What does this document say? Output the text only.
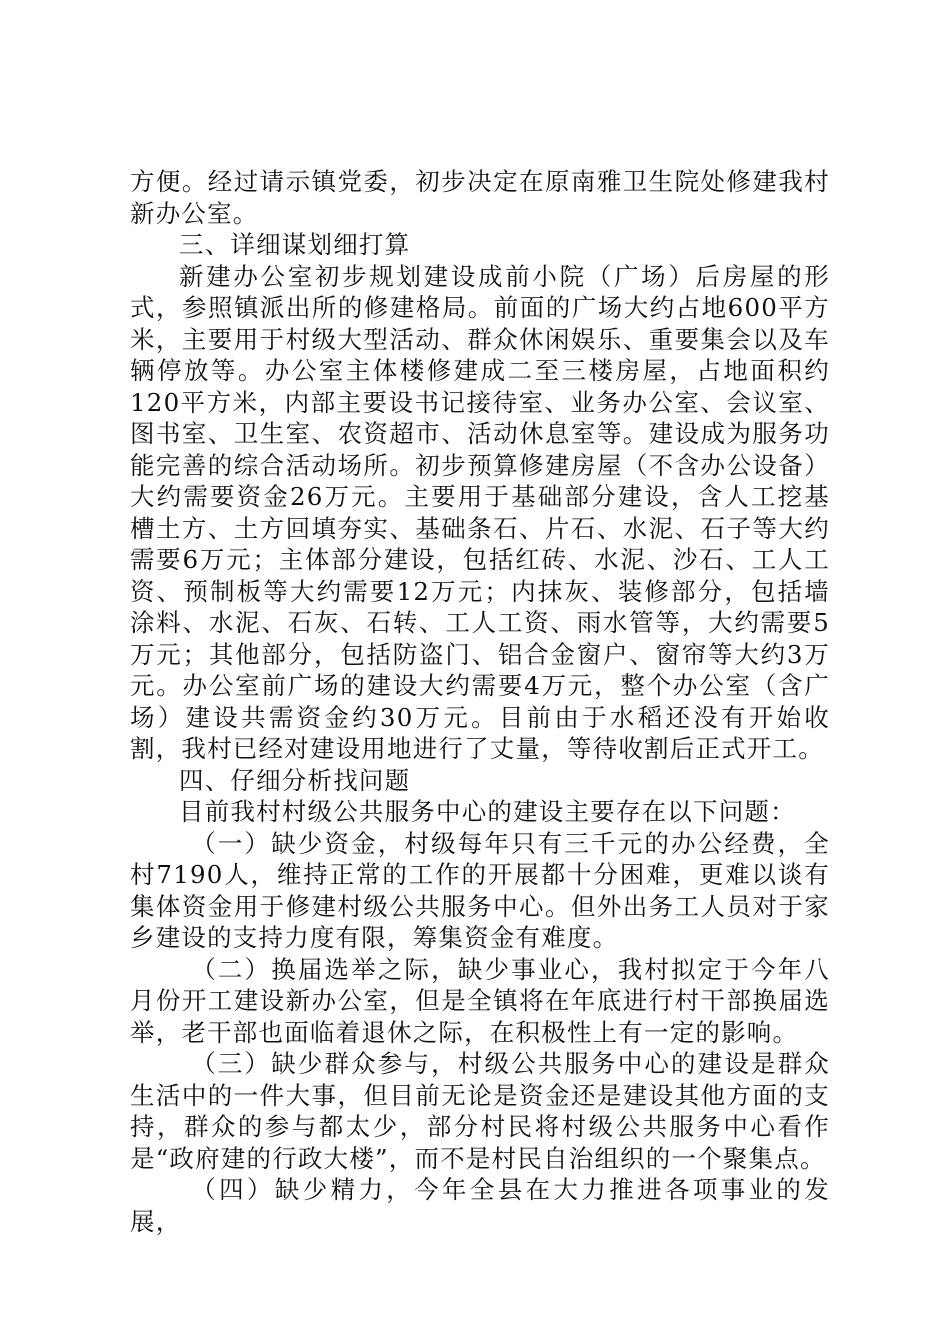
方便。经过请示镇党委，初步决定在原南雅卫生院处修建我村新办公室。

三、详细谋划细打算

新建办公室初步规划建设成前小院（广场）后房屋的形式，参照镇派出所的修建格局。前面的广场大约占地600平方米，主要用于村级大型活动、群众休闲娱乐、重要集会以及车辆停放等。办公室主体楼修建成二至三楼房屋，占地面积约120平方米，内部主要设书记接待室、业务办公室、会议室、图书室、卫生室、农资超市、活动休息室等。建设成为服务功能完善的综合活动场所。初步预算修建房屋（不含办公设备）大约需要资金26万元。主要用于基础部分建设，含人工挖基槽土方、土方回填夯实、基础条石、片石、水泥、石子等大约需要6万元；主体部分建设，包括红砖、水泥、沙石、工人工资、预制板等大约需要12万元；内抹灰、装修部分，包括墙涂料、水泥、石灰、石转、工人工资、雨水管等，大约需要5万元；其他部分，包括防盗门、铝合金窗户、窗帘等大约3万元。办公室前广场的建设大约需要4万元，整个办公室（含广场）建设共需资金约30万元。目前由于水稻还没有开始收割，我村已经对建设用地进行了丈量，等待收割后正式开工。

四、仔细分析找问题

目前我村村级公共服务中心的建设主要存在以下问题：

（一）缺少资金，村级每年只有三千元的办公经费，全村7190人，维持正常的工作的开展都十分困难，更难以谈有集体资金用于修建村级公共服务中心。但外出务工人员对于家乡建设的支持力度有限，筹集资金有难度。

（二）换届选举之际，缺少事业心，我村拟定于今年八月份开工建设新办公室，但是全镇将在年底进行村干部换届选举，老干部也面临着退休之际，在积极性上有一定的影响。

（三）缺少群众参与，村级公共服务中心的建设是群众生活中的一件大事，但目前无论是资金还是建设其他方面的支持，群众的参与都太少，部分村民将村级公共服务中心看作是“政府建的行政大楼”，而不是村民自治组织的一个聚集点。

（四）缺少精力，今年全县在大力推进各项事业的发展，
